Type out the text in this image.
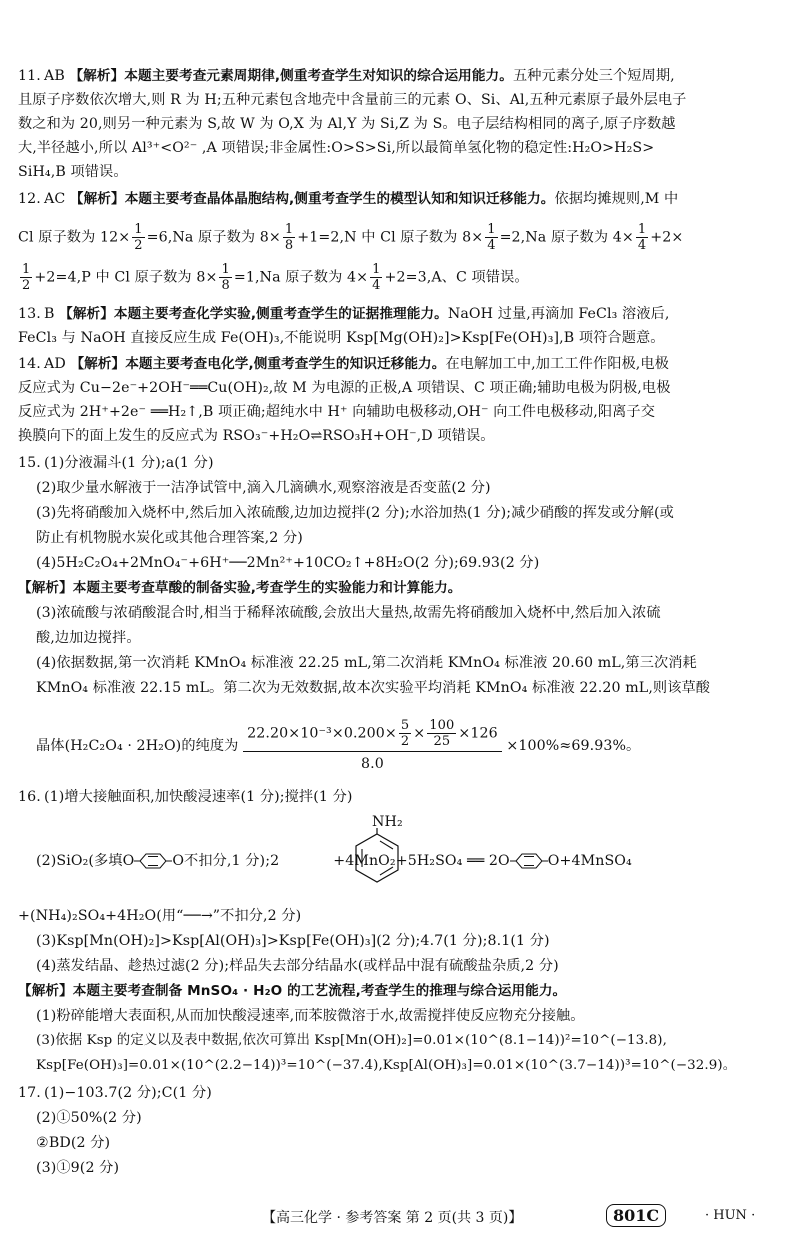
11. AB 【解析】本题主要考查元素周期律,侧重考查学生对知识的综合运用能力。五种元素分处三个短周期,
且原子序数依次增大,则 R 为 H;五种元素包含地壳中含量前三的元素 O、Si、Al,五种元素原子最外层电子
数之和为 20,则另一种元素为 S,故 W 为 O,X 为 Al,Y 为 Si,Z 为 S。电子层结构相同的离子,原子序数越
大,半径越小,所以 Al³⁺<O²⁻ ,A 项错误;非金属性:O>S>Si,所以最简单氢化物的稳定性:H₂O>H₂S>
SiH₄,B 项错误。
12. AC 【解析】本题主要考查晶体晶胞结构,侧重考查学生的模型认知和知识迁移能力。依据均摊规则,M 中
Cl 原子数为 $12\times \frac{1}{2} =6,Na$ 原子数为 $8\times \frac{1}{8} +1=2,N$ 中 Cl 原子数为 $8\times \frac{1}{4} =2,Na$ 原子数为 $4\times \frac{1}{4} +2\times$
$\frac{1}{2} +2=4,P$ 中 Cl 原子数为 $8\times \frac{1}{8} =1,Na$ 原子数为 $4\times \frac{1}{4} +2=3,A$、C 项错误。
13. B 【解析】本题主要考查化学实验,侧重考查学生的证据推理能力。NaOH 过量,再滴加 FeCl₃ 溶液后,
FeCl₃ 与 NaOH 直接反应生成 Fe(OH)₃,不能说明 Ksp[Mg(OH)₂]>Ksp[Fe(OH)₃],B 项符合题意。
14. AD 【解析】本题主要考查电化学,侧重考查学生的知识迁移能力。在电解加工中,加工工件作阳极,电极
反应式为 Cu−2e⁻+2OH⁻══Cu(OH)₂,故 M 为电源的正极,A 项错误、C 项正确;辅助电极为阴极,电极
反应式为 2H⁺+2e⁻ ══H₂↑,B 项正确;超纯水中 H⁺ 向辅助电极移动,OH⁻ 向工件电极移动,阳离子交
换膜向下的面上发生的反应式为 RSO₃⁻+H₂O⇌RSO₃H+OH⁻,D 项错误。
15. (1)分液漏斗(1 分);a(1 分)
(2)取少量水解液于一洁净试管中,滴入几滴碘水,观察溶液是否变蓝(2 分)
(3)先将硝酸加入烧杯中,然后加入浓硫酸,边加边搅拌(2 分);水浴加热(1 分);减少硝酸的挥发或分解(或
防止有机物脱水炭化或其他合理答案,2 分)
(4)5H₂C₂O₄+2MnO₄⁻+6H⁺──2Mn²⁺+10CO₂↑+8H₂O(2 分);69.93(2 分)
【解析】本题主要考查草酸的制备实验,考查学生的实验能力和计算能力。
(3)浓硫酸与浓硝酸混合时,相当于稀释浓硫酸,会放出大量热,故需先将硝酸加入烧杯中,然后加入浓硫
酸,边加边搅拌。
(4)依据数据,第一次消耗 KMnO₄ 标准液 22.25 mL,第二次消耗 KMnO₄ 标准液 20.60 mL,第三次消耗
KMnO₄ 标准液 22.15 mL。第二次为无效数据,故本次实验平均消耗 KMnO₄ 标准液 22.20 mL,则该草酸
晶体(H₂C₂O₄ · 2H₂O)的纯度为 $\frac{22.20\times 10^{-3}\times 0.200\times \frac{5}{2} \times \frac{100}{25} \times 126}{8.0} \times 100\%\approx 69.93\%$。
16. (1)增大接触面积,加快酸浸速率(1 分);搅拌(1 分)
NH₂
(2)SiO₂(多填O	O不扣分,1 分);2	+4MnO₂+5H₂SO₄ ══ 2O	O+4MnSO₄
+(NH₄)₂SO₄+4H₂O(用“──→”不扣分,2 分)
(3)Ksp[Mn(OH)₂]>Ksp[Al(OH)₃]>Ksp[Fe(OH)₃](2 分);4.7(1 分);8.1(1 分)
(4)蒸发结晶、趁热过滤(2 分);样品失去部分结晶水(或样品中混有硫酸盐杂质,2 分)
【解析】本题主要考查制备 MnSO₄ · H₂O 的工艺流程,考查学生的推理与综合运用能力。
(1)粉碎能增大表面积,从而加快酸浸速率,而苯胺微溶于水,故需搅拌使反应物充分接触。
(3)依据 Ksp 的定义以及表中数据,依次可算出 Ksp[Mn(OH)₂]=0.01×(10^(8.1−14))²=10^(−13.8),
Ksp[Fe(OH)₃]=0.01×(10^(2.2−14))³=10^(−37.4),Ksp[Al(OH)₃]=0.01×(10^(3.7−14))³=10^(−32.9)。
17. (1)−103.7(2 分);C(1 分)
(2)①50%(2 分)
②BD(2 分)
(3)①9(2 分)
【高三化学 · 参考答案 第 2 页(共 3 页)】	801C	· HUN ·
